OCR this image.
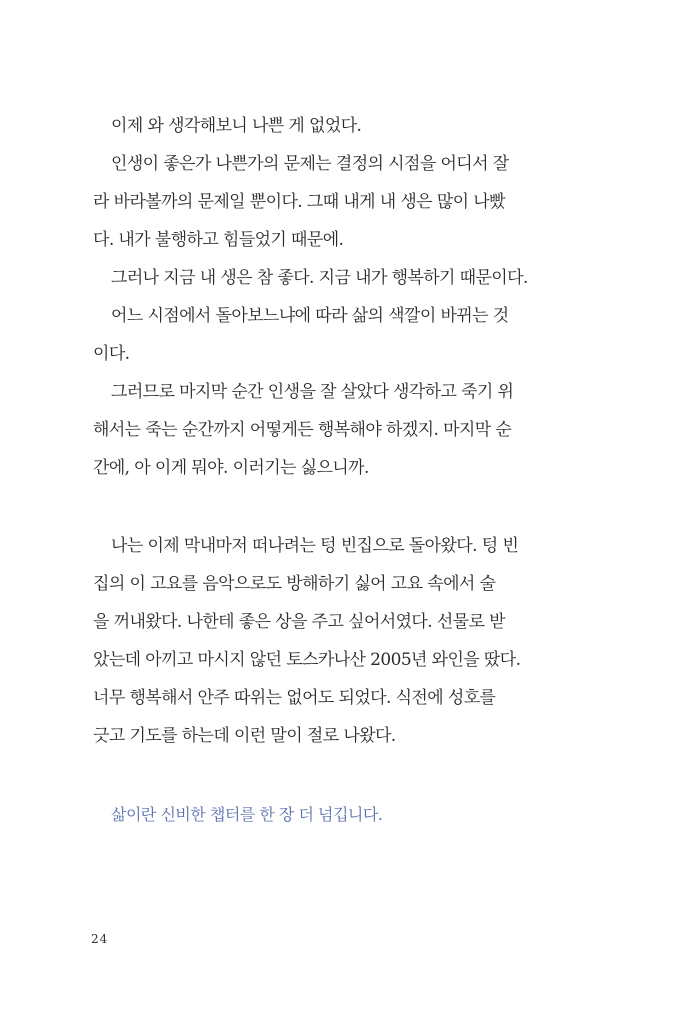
이제 와 생각해보니 나쁜 게 없었다.
인생이 좋은가 나쁜가의 문제는 결정의 시점을 어디서 잘
라 바라볼까의 문제일 뿐이다. 그때 내게 내 생은 많이 나빴
다. 내가 불행하고 힘들었기 때문에.
그러나 지금 내 생은 참 좋다. 지금 내가 행복하기 때문이다.
어느 시점에서 돌아보느냐에 따라 삶의 색깔이 바뀌는 것
이다.
그러므로 마지막 순간 인생을 잘 살았다 생각하고 죽기 위
해서는 죽는 순간까지 어떻게든 행복해야 하겠지. 마지막 순
간에, 아 이게 뭐야. 이러기는 싫으니까.
나는 이제 막내마저 떠나려는 텅 빈집으로 돌아왔다. 텅 빈
집의 이 고요를 음악으로도 방해하기 싫어 고요 속에서 술
을 꺼내왔다. 나한테 좋은 상을 주고 싶어서였다. 선물로 받
았는데 아끼고 마시지 않던 토스카나산 2005년 와인을 땄다.
너무 행복해서 안주 따위는 없어도 되었다. 식전에 성호를
긋고 기도를 하는데 이런 말이 절로 나왔다.
삶이란 신비한 챕터를 한 장 더 넘깁니다.
24
